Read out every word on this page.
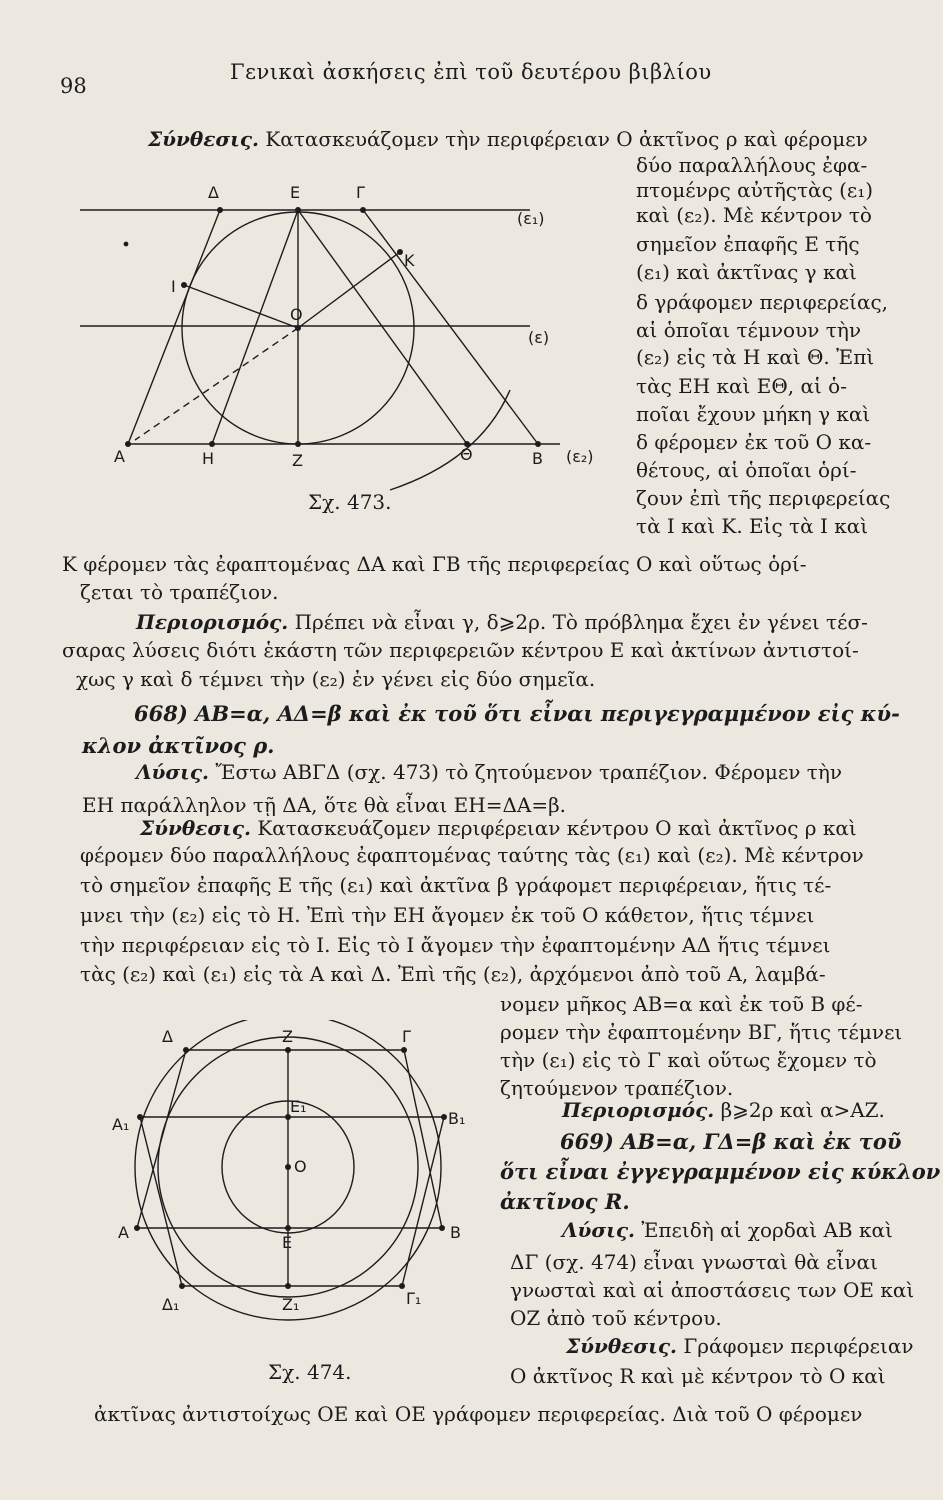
98
Γενικαὶ ἀσκήσεις ἐπὶ τοῦ δευτέρου βιβλίου
Σύνθεσις. Κατασκευάζομεν τὴν περιφέρειαν Ο ἀκτῖνος ρ καὶ φέρομεν
δύο παραλλήλους ἐφα-
πτομένρς αὐτῆςτὰς (ε₁)
καὶ (ε₂). Μὲ κέντρον τὸ
σημεῖον ἐπαφῆς Ε τῆς
(ε₁) καὶ ἀκτῖνας γ καὶ
δ γράφομεν περιφερείας,
αἱ ὁποῖαι τέμνουν τὴν
(ε₂) εἰς τὰ Η καὶ Θ. Ἐπὶ
τὰς ΕΗ καὶ ΕΘ, αἱ ὁ-
ποῖαι ἔχουν μήκη γ καὶ
δ φέρομεν ἐκ τοῦ Ο κα-
θέτους, αἱ ὁποῖαι ὁρί-
ζουν ἐπὶ τῆς περιφερείας
τὰ Ι καὶ Κ. Εἰς τὰ Ι καὶ
Δ	Ε	Γ
(ε₁)
Κ
Ι
Ο
(ε)
Α	Η	Ζ	Θ	Β (ε₂)
Σχ. 473.
Κ φέρομεν τὰς ἐφαπτομένας ΔΑ καὶ ΓΒ τῆς περιφερείας Ο καὶ οὕτως ὁρί-
ζεται τὸ τραπέζιον.
Περιορισμός. Πρέπει νὰ εἶναι γ, δ⩾2ρ. Τὸ πρόβλημα ἔχει ἐν γένει τέσ-
σαρας λύσεις διότι ἑκάστη τῶν περιφερειῶν κέντρου Ε καὶ ἀκτίνων ἀντιστοί-
χως γ καὶ δ τέμνει τὴν (ε₂) ἐν γένει εἰς δύο σημεῖα.
668) ΑΒ=α, ΑΔ=β καὶ ἐκ τοῦ ὅτι εἶναι περιγεγραμμένον εἰς κύ-
κλον ἀκτῖνος ρ.
Λύσις. Ἔστω ΑΒΓΔ (σχ. 473) τὸ ζητούμενον τραπέζιον. Φέρομεν τὴν
ΕΗ παράλληλον τῇ ΔΑ, ὅτε θὰ εἶναι ΕΗ=ΔΑ=β.
Σύνθεσις. Κατασκευάζομεν περιφέρειαν κέντρου Ο καὶ ἀκτῖνος ρ καὶ
φέρομεν δύο παραλλήλους ἐφαπτομένας ταύτης τὰς (ε₁) καὶ (ε₂). Μὲ κέντρον
τὸ σημεῖον ἐπαφῆς Ε τῆς (ε₁) καὶ ἀκτῖνα β γράφομετ περιφέρειαν, ἥτις τέ-
μνει τὴν (ε₂) εἰς τὸ Η. Ἐπὶ τὴν ΕΗ ἄγομεν ἐκ τοῦ Ο κάθετον, ἥτις τέμνει
τὴν περιφέρειαν εἰς τὸ Ι. Εἰς τὸ Ι ἄγομεν τὴν ἐφαπτομένην ΑΔ ἥτις τέμνει
τὰς (ε₂) καὶ (ε₁) εἰς τὰ Α καὶ Δ. Ἐπὶ τῆς (ε₂), ἀρχόμενοι ἀπὸ τοῦ Α, λαμβά-
νομεν μῆκος ΑΒ=α καὶ ἐκ τοῦ Β φέ-
ρομεν τὴν ἐφαπτομένην ΒΓ, ἥτις τέμνει
τὴν (ε₁) εἰς τὸ Γ καὶ οὕτως ἔχομεν τὸ
ζητούμενον τραπέζιον.
Περιορισμός. β⩾2ρ καὶ α>ΑΖ.
669) ΑΒ=α, ΓΔ=β καὶ ἐκ τοῦ
ὅτι εἶναι ἐγγεγραμμένον εἰς κύκλον
ἀκτῖνος R.
Λύσις. Ἐπειδὴ αἱ χορδαὶ ΑΒ καὶ
ΔΓ (σχ. 474) εἶναι γνωσταὶ θὰ εἶναι
γνωσταὶ καὶ αἱ ἀποστάσεις των ΟΕ καὶ
ΟΖ ἀπὸ τοῦ κέντρου.
Σύνθεσις. Γράφομεν περιφέρειαν
Ο ἀκτῖνος R καὶ μὲ κέντρον τὸ Ο καὶ
Δ	Ζ	Γ
Α₁
Ε₁
Β₁
Ο
Α
Ε
Β
Δ₁	Ζ₁	Γ₁
Σχ. 474.
ἀκτῖνας ἀντιστοίχως ΟΕ καὶ ΟΕ γράφομεν περιφερείας. Διὰ τοῦ Ο φέρομεν
